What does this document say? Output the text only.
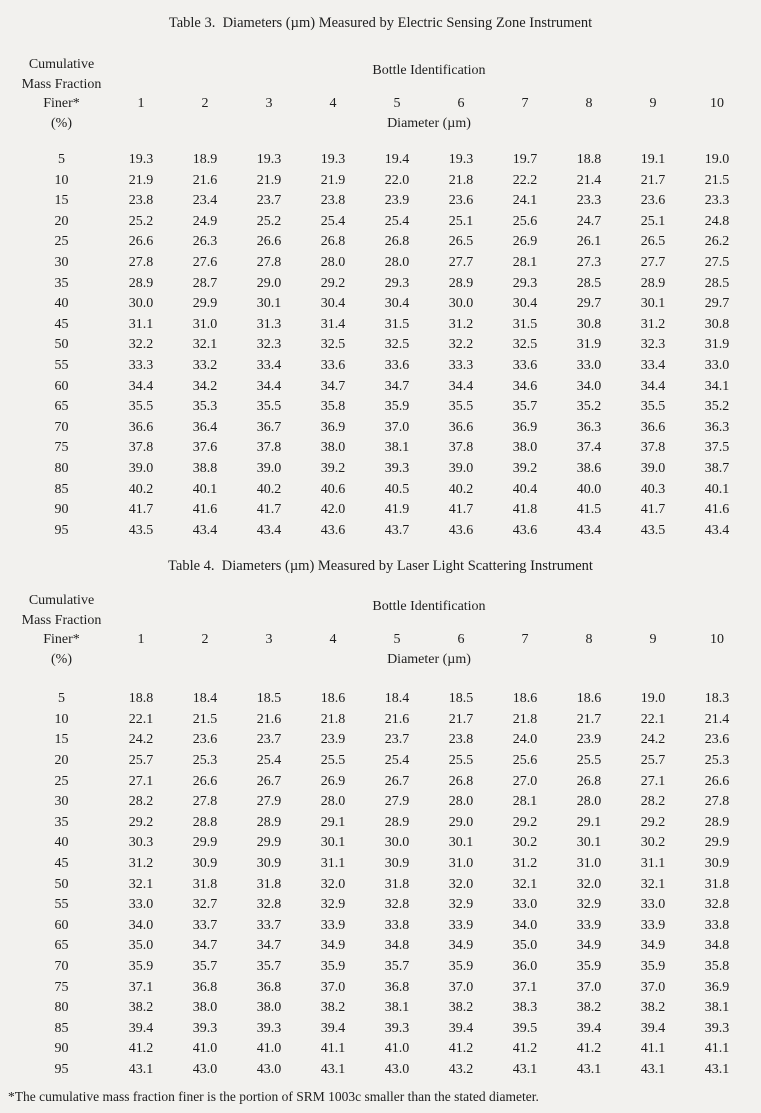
Table 3.  Diameters (µm) Measured by Electric Sensing Zone Instrument
Cumulative	Bottle Identification
Mass Fraction
Finer*	1	2	3	4	5	6	7	8	9	10
(%)	Diameter (µm)
5	19.3	18.9	19.3	19.3	19.4	19.3	19.7	18.8	19.1	19.0
10	21.9	21.6	21.9	21.9	22.0	21.8	22.2	21.4	21.7	21.5
15	23.8	23.4	23.7	23.8	23.9	23.6	24.1	23.3	23.6	23.3
20	25.2	24.9	25.2	25.4	25.4	25.1	25.6	24.7	25.1	24.8
25	26.6	26.3	26.6	26.8	26.8	26.5	26.9	26.1	26.5	26.2
30	27.8	27.6	27.8	28.0	28.0	27.7	28.1	27.3	27.7	27.5
35	28.9	28.7	29.0	29.2	29.3	28.9	29.3	28.5	28.9	28.5
40	30.0	29.9	30.1	30.4	30.4	30.0	30.4	29.7	30.1	29.7
45	31.1	31.0	31.3	31.4	31.5	31.2	31.5	30.8	31.2	30.8
50	32.2	32.1	32.3	32.5	32.5	32.2	32.5	31.9	32.3	31.9
55	33.3	33.2	33.4	33.6	33.6	33.3	33.6	33.0	33.4	33.0
60	34.4	34.2	34.4	34.7	34.7	34.4	34.6	34.0	34.4	34.1
65	35.5	35.3	35.5	35.8	35.9	35.5	35.7	35.2	35.5	35.2
70	36.6	36.4	36.7	36.9	37.0	36.6	36.9	36.3	36.6	36.3
75	37.8	37.6	37.8	38.0	38.1	37.8	38.0	37.4	37.8	37.5
80	39.0	38.8	39.0	39.2	39.3	39.0	39.2	38.6	39.0	38.7
85	40.2	40.1	40.2	40.6	40.5	40.2	40.4	40.0	40.3	40.1
90	41.7	41.6	41.7	42.0	41.9	41.7	41.8	41.5	41.7	41.6
95	43.5	43.4	43.4	43.6	43.7	43.6	43.6	43.4	43.5	43.4
Table 4.  Diameters (µm) Measured by Laser Light Scattering Instrument
Cumulative	Bottle Identification
Mass Fraction
Finer*	1	2	3	4	5	6	7	8	9	10
(%)	Diameter (µm)
5	18.8	18.4	18.5	18.6	18.4	18.5	18.6	18.6	19.0	18.3
10	22.1	21.5	21.6	21.8	21.6	21.7	21.8	21.7	22.1	21.4
15	24.2	23.6	23.7	23.9	23.7	23.8	24.0	23.9	24.2	23.6
20	25.7	25.3	25.4	25.5	25.4	25.5	25.6	25.5	25.7	25.3
25	27.1	26.6	26.7	26.9	26.7	26.8	27.0	26.8	27.1	26.6
30	28.2	27.8	27.9	28.0	27.9	28.0	28.1	28.0	28.2	27.8
35	29.2	28.8	28.9	29.1	28.9	29.0	29.2	29.1	29.2	28.9
40	30.3	29.9	29.9	30.1	30.0	30.1	30.2	30.1	30.2	29.9
45	31.2	30.9	30.9	31.1	30.9	31.0	31.2	31.0	31.1	30.9
50	32.1	31.8	31.8	32.0	31.8	32.0	32.1	32.0	32.1	31.8
55	33.0	32.7	32.8	32.9	32.8	32.9	33.0	32.9	33.0	32.8
60	34.0	33.7	33.7	33.9	33.8	33.9	34.0	33.9	33.9	33.8
65	35.0	34.7	34.7	34.9	34.8	34.9	35.0	34.9	34.9	34.8
70	35.9	35.7	35.7	35.9	35.7	35.9	36.0	35.9	35.9	35.8
75	37.1	36.8	36.8	37.0	36.8	37.0	37.1	37.0	37.0	36.9
80	38.2	38.0	38.0	38.2	38.1	38.2	38.3	38.2	38.2	38.1
85	39.4	39.3	39.3	39.4	39.3	39.4	39.5	39.4	39.4	39.3
90	41.2	41.0	41.0	41.1	41.0	41.2	41.2	41.2	41.1	41.1
95	43.1	43.0	43.0	43.1	43.0	43.2	43.1	43.1	43.1	43.1
*The cumulative mass fraction finer is the portion of SRM 1003c smaller than the stated diameter.
